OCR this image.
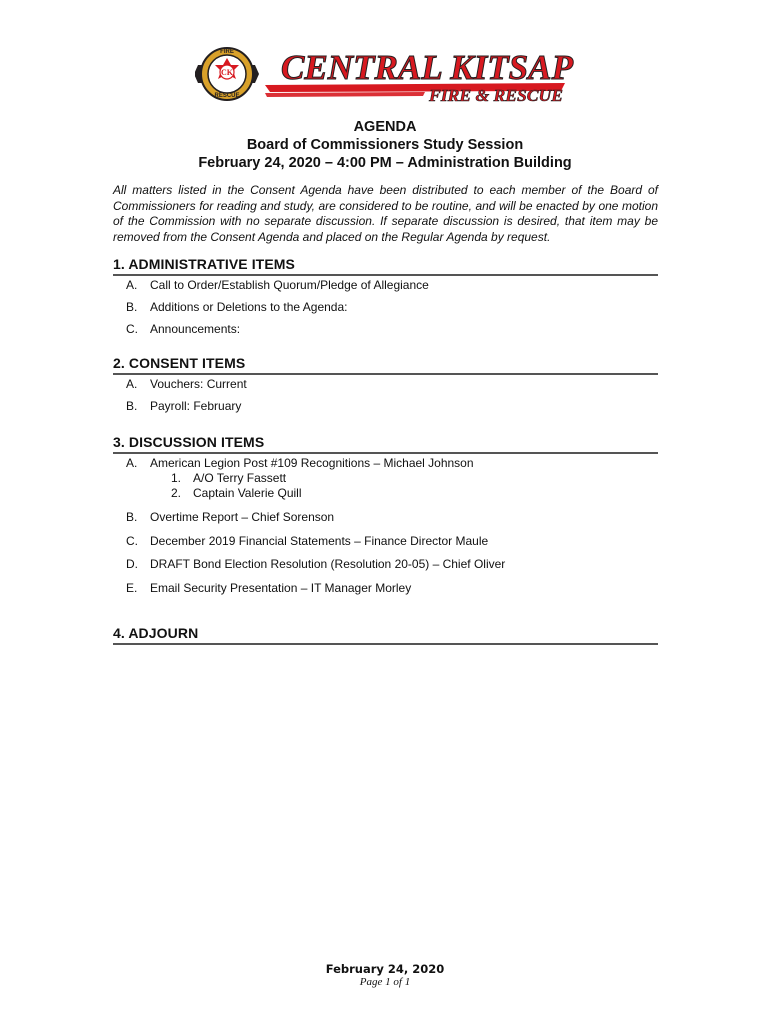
CK
FIRE
RESCUE
CENTRAL KITSAP
FIRE & RESCUE
AGENDA
Board of Commissioners Study Session
February 24, 2020 – 4:00 PM – Administration Building
All matters listed in the Consent Agenda have been distributed to each member of the Board of Commissioners for reading and study, are considered to be routine, and will be enacted by one motion of the Commission with no separate discussion. If separate discussion is desired, that item may be removed from the Consent Agenda and placed on the Regular Agenda by request.
1. ADMINISTRATIVE ITEMS
A. Call to Order/Establish Quorum/Pledge of Allegiance
B. Additions or Deletions to the Agenda:
C. Announcements:
2. CONSENT ITEMS
A. Vouchers: Current
B. Payroll: February
3. DISCUSSION ITEMS
A. American Legion Post #109 Recognitions – Michael Johnson
1. A/O Terry Fassett
2. Captain Valerie Quill
B. Overtime Report – Chief Sorenson
C. December 2019 Financial Statements – Finance Director Maule
D. DRAFT Bond Election Resolution (Resolution 20-05) – Chief Oliver
E. Email Security Presentation – IT Manager Morley
4. ADJOURN
February 24, 2020
Page 1 of 1
